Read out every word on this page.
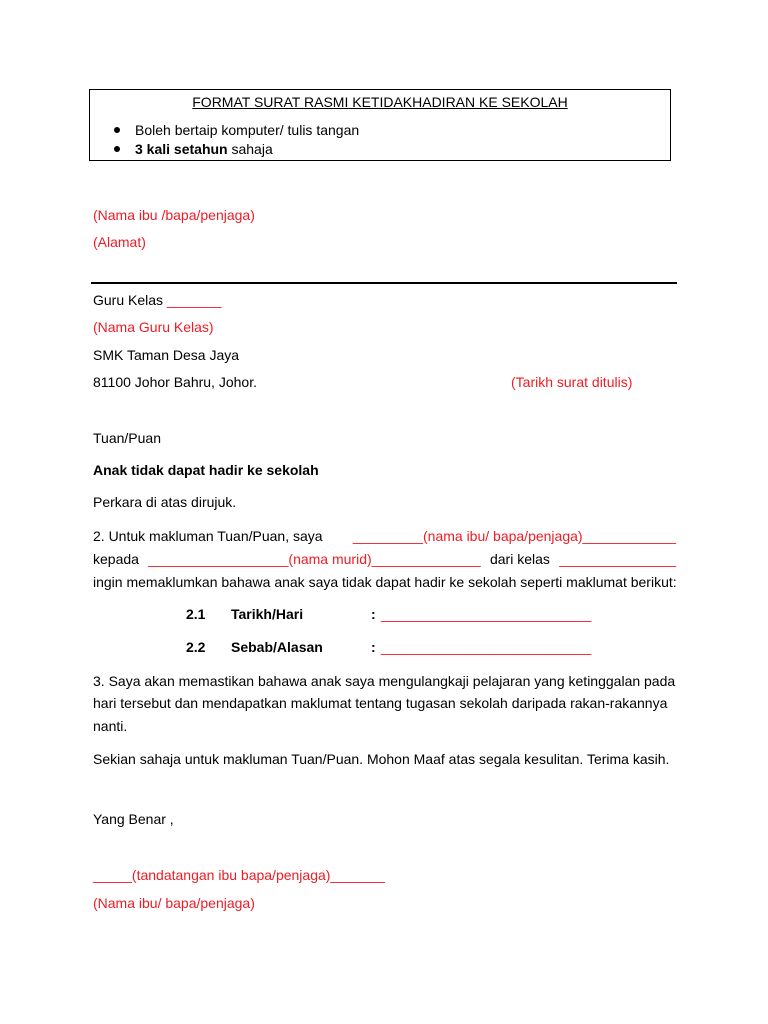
FORMAT SURAT RASMI KETIDAKHADIRAN KE SEKOLAH
Boleh bertaip komputer/ tulis tangan
3 kali setahun sahaja
(Nama ibu /bapa/penjaga)
(Alamat)
Guru Kelas _______
(Nama Guru Kelas)
SMK Taman Desa Jaya
81100 Johor Bahru, Johor.	(Tarikh surat ditulis)
Tuan/Puan
Anak tidak dapat hadir ke sekolah
Perkara di atas dirujuk.
2. Untuk makluman Tuan/Puan, saya _________(nama ibu/ bapa/penjaga)____________
kepada __________________(nama murid)______________ dari kelas _______________
ingin memaklumkan bahawa anak saya tidak dapat hadir ke sekolah seperti maklumat berikut:
2.1 Tarikh/Hari	: ___________________________
2.2 Sebab/Alasan	: ___________________________
3. Saya akan memastikan bahawa anak saya mengulangkaji pelajaran yang ketinggalan pada
hari tersebut dan mendapatkan maklumat tentang tugasan sekolah daripada rakan-rakannya
nanti.
Sekian sahaja untuk makluman Tuan/Puan. Mohon Maaf atas segala kesulitan. Terima kasih.
Yang Benar ,
_____(tandatangan ibu bapa/penjaga)_______
(Nama ibu/ bapa/penjaga)
